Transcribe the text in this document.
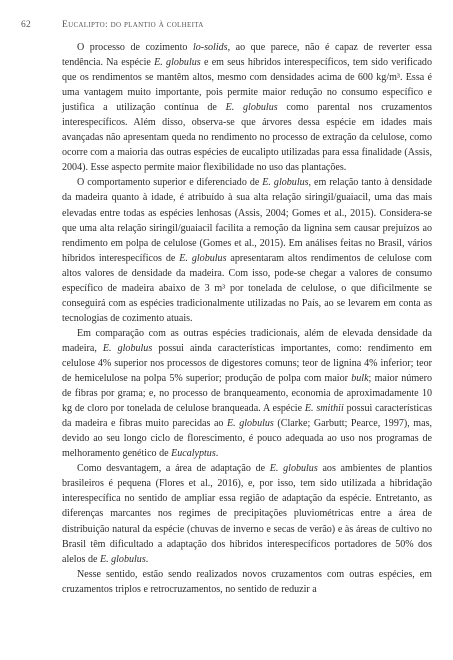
62	Eucalipto: do plantio à colheita

O processo de cozimento lo-solids, ao que parece, não é capaz de reverter essa tendência. Na espécie E. globulus e em seus híbridos interespecíficos, tem sido verificado que os rendimentos se mantêm altos, mesmo com densidades acima de 600 kg/m³. Essa é uma vantagem muito importante, pois permite maior redução no consumo específico e justifica a utilização contínua de E. globulus como parental nos cruzamentos interespecíficos. Além disso, observa-se que árvores dessa espécie em idades mais avançadas não apresentam queda no rendimento no processo de extração da celulose, como ocorre com a maioria das outras espécies de eucalipto utilizadas para essa finalidade (Assis, 2004). Esse aspecto permite maior flexibilidade no uso das plantações.

O comportamento superior e diferenciado de E. globulus, em relação tanto à densidade da madeira quanto à idade, é atribuído à sua alta relação siringil/guaiacil, uma das mais elevadas entre todas as espécies lenhosas (Assis, 2004; Gomes et al., 2015). Considera-se que uma alta relação siringil/guaiacil facilita a remoção da lignina sem causar prejuízos ao rendimento em polpa de celulose (Gomes et al., 2015). Em análises feitas no Brasil, vários híbridos interespecíficos de E. globulus apresentaram altos rendimentos de celulose com altos valores de densidade da madeira. Com isso, pode-se chegar a valores de consumo específico de madeira abaixo de 3 m³ por tonelada de celulose, o que dificilmente se conseguirá com as espécies tradicionalmente utilizadas no País, ao se levarem em conta as tecnologias de cozimento atuais.

Em comparação com as outras espécies tradicionais, além de elevada densidade da madeira, E. globulus possui ainda características importantes, como: rendimento em celulose 4% superior nos processos de digestores comuns; teor de lignina 4% inferior; teor de hemicelulose na polpa 5% superior; produção de polpa com maior bulk; maior número de fibras por grama; e, no processo de branqueamento, economia de aproximadamente 10 kg de cloro por tonelada de celulose branqueada. A espécie E. smithii possui características da madeira e fibras muito parecidas ao E. globulus (Clarke; Garbutt; Pearce, 1997), mas, devido ao seu longo ciclo de florescimento, é pouco adequada ao uso nos programas de melhoramento genético de Eucalyptus.

Como desvantagem, a área de adaptação de E. globulus aos ambientes de plantios brasileiros é pequena (Flores et al., 2016), e, por isso, tem sido utilizada a hibridação interespecífica no sentido de ampliar essa região de adaptação da espécie. Entretanto, as diferenças marcantes nos regimes de precipitações pluviométricas entre a área de distribuição natural da espécie (chuvas de inverno e secas de verão) e às áreas de cultivo no Brasil têm dificultado a adaptação dos híbridos interespecíficos portadores de 50% dos alelos de E. globulus.

Nesse sentido, estão sendo realizados novos cruzamentos com outras espécies, em cruzamentos triplos e retrocruzamentos, no sentido de reduzir a
